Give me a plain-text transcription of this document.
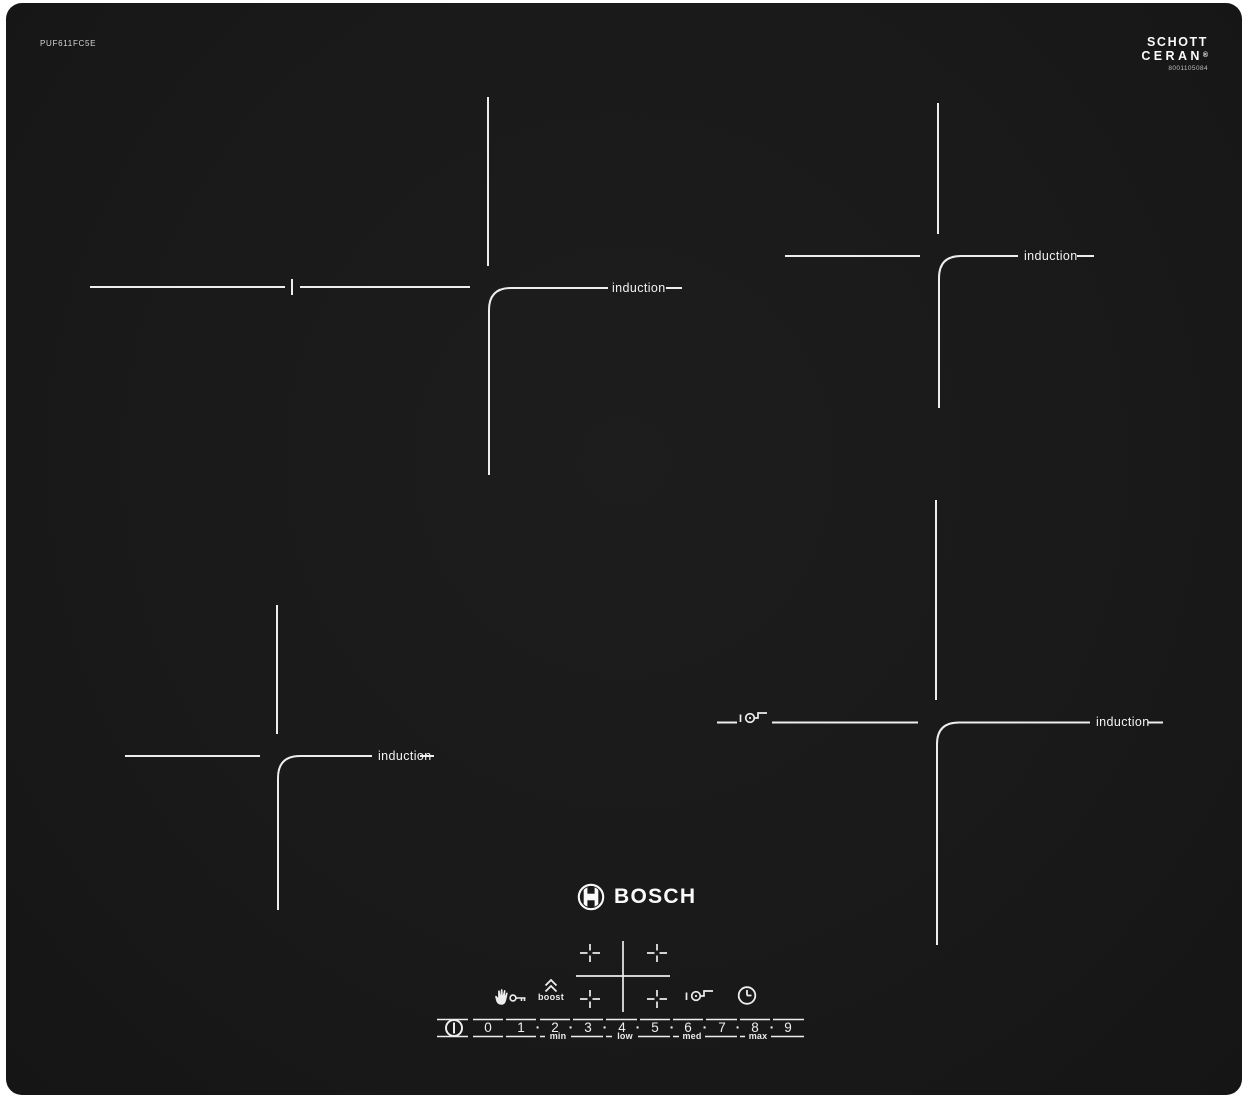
PUF611FC5E	SCHOTT
CERAN®
8001105084
induction
induction
induction
induction
BOSCH
boost
0	1	2	3	4	5	6	7	8	9
· · · · · · · ·
min	low	med	max
